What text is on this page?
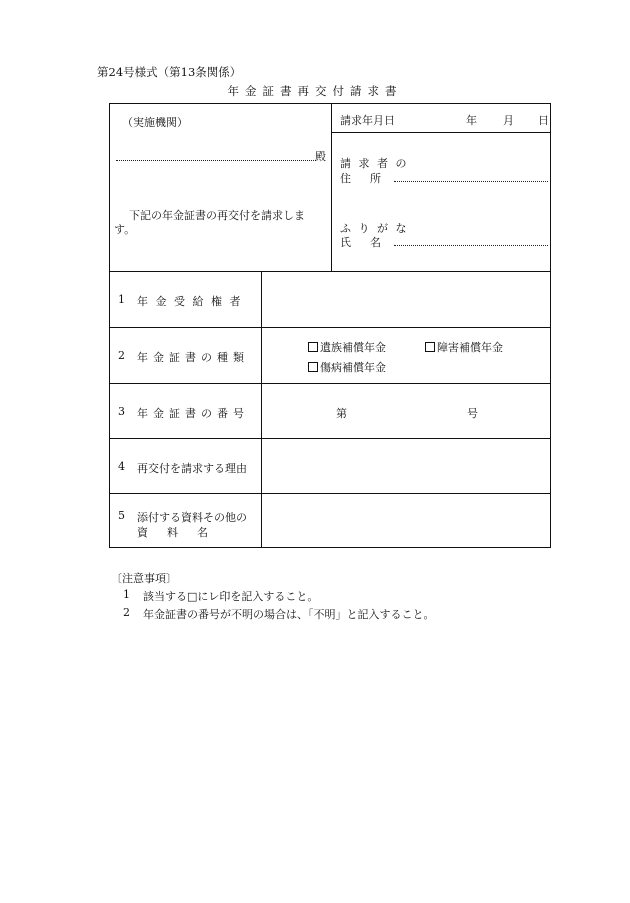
第24号様式（第13条関係）
年金証書再交付請求書
（実施機関）
殿
下記の年金証書の再交付を請求しま
す。
請求年月日	年 月 日
請求者の
住　所
ふりがな
氏　名
1 年金受給権者
2 年金証書の種類
遺族補償年金	障害補償年金
傷病補償年金
3 年金証書の番号	第	号
4 再交付を請求する理由
5 添付する資料その他の
資　料　名
〔注意事項〕
1 該当する□にレ印を記入すること。
2 年金証書の番号が不明の場合は、「不明」と記入すること。
